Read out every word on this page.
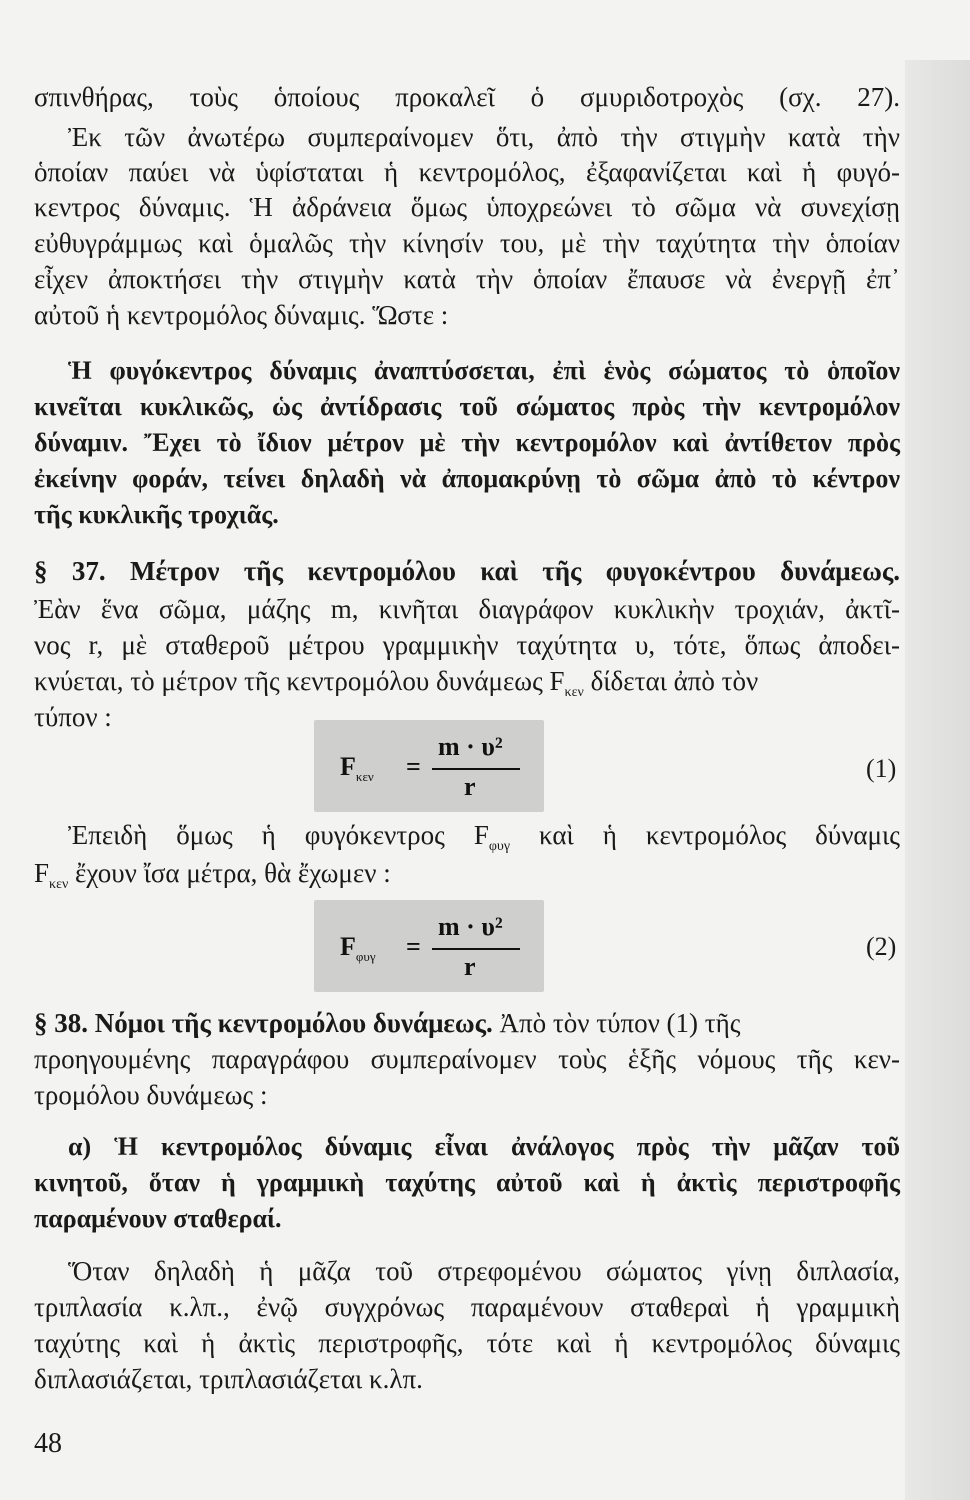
σπινθήρας, τοὺς ὁποίους προκαλεῖ ὁ σμυριδοτροχὸς (σχ. 27).
Ἐκ τῶν ἀνωτέρω συμπεραίνομεν ὅτι, ἀπὸ τὴν στιγμὴν κατὰ τὴν
ὁποίαν παύει νὰ ὑφίσταται ἡ κεντρομόλος, ἐξαφανίζεται καὶ ἡ φυγό-
κεντρος δύναμις. Ἡ ἀδράνεια ὅμως ὑποχρεώνει τὸ σῶμα νὰ συνεχίσῃ
εὐθυγράμμως καὶ ὁμαλῶς τὴν κίνησίν του, μὲ τὴν ταχύτητα τὴν ὁποίαν
εἶχεν ἀποκτήσει τὴν στιγμὴν κατὰ τὴν ὁποίαν ἔπαυσε νὰ ἐνεργῇ ἐπ᾽
αὐτοῦ ἡ κεντρομόλος δύναμις. Ὥστε :
Ἡ φυγόκεντρος δύναμις ἀναπτύσσεται, ἐπὶ ἑνὸς σώματος τὸ ὁποῖον
κινεῖται κυκλικῶς, ὡς ἀντίδρασις τοῦ σώματος πρὸς τὴν κεντρομόλον
δύναμιν. Ἔχει τὸ ἴδιον μέτρον μὲ τὴν κεντρομόλον καὶ ἀντίθετον πρὸς
ἐκείνην φοράν, τείνει δηλαδὴ νὰ ἀπομακρύνῃ τὸ σῶμα ἀπὸ τὸ κέντρον
τῆς κυκλικῆς τροχιᾶς.
§ 37. Μέτρον τῆς κεντρομόλου καὶ τῆς φυγοκέντρου δυνάμεως.
Ἐὰν ἕνα σῶμα, μάζης m, κινῆται διαγράφον κυκλικὴν τροχιάν, ἀκτῖ-
νος r, μὲ σταθεροῦ μέτρου γραμμικὴν ταχύτητα υ, τότε, ὅπως ἀποδει-
κνύεται, τὸ μέτρον τῆς κεντρομόλου δυνάμεως $F_{\kappa\varepsilon\nu}$ δίδεται ἀπὸ τὸν
τύπον :
$F_{\kappa\varepsilon\nu}$ =
m · υ²
r
(1)
Ἐπειδὴ ὅμως ἡ φυγόκεντρος $F_{\varphi\upsilon\gamma}$ καὶ ἡ κεντρομόλος δύναμις
$F_{\kappa\varepsilon\nu}$ ἔχουν ἴσα μέτρα, θὰ ἔχωμεν :
$F_{\varphi\upsilon\gamma}$ =
m · υ²
r
(2)
§ 38. Νόμοι τῆς κεντρομόλου δυνάμεως. Ἀπὸ τὸν τύπον (1) τῆς
προηγουμένης παραγράφου συμπεραίνομεν τοὺς ἑξῆς νόμους τῆς κεν-
τρομόλου δυνάμεως :
α) Ἡ κεντρομόλος δύναμις εἶναι ἀνάλογος πρὸς τὴν μᾶζαν τοῦ
κινητοῦ, ὅταν ἡ γραμμικὴ ταχύτης αὐτοῦ καὶ ἡ ἀκτὶς περιστροφῆς
παραμένουν σταθεραί.
Ὅταν δηλαδὴ ἡ μᾶζα τοῦ στρεφομένου σώματος γίνῃ διπλασία,
τριπλασία κ.λπ., ἐνῷ συγχρόνως παραμένουν σταθεραὶ ἡ γραμμικὴ
ταχύτης καὶ ἡ ἀκτὶς περιστροφῆς, τότε καὶ ἡ κεντρομόλος δύναμις
διπλασιάζεται, τριπλασιάζεται κ.λπ.
48
